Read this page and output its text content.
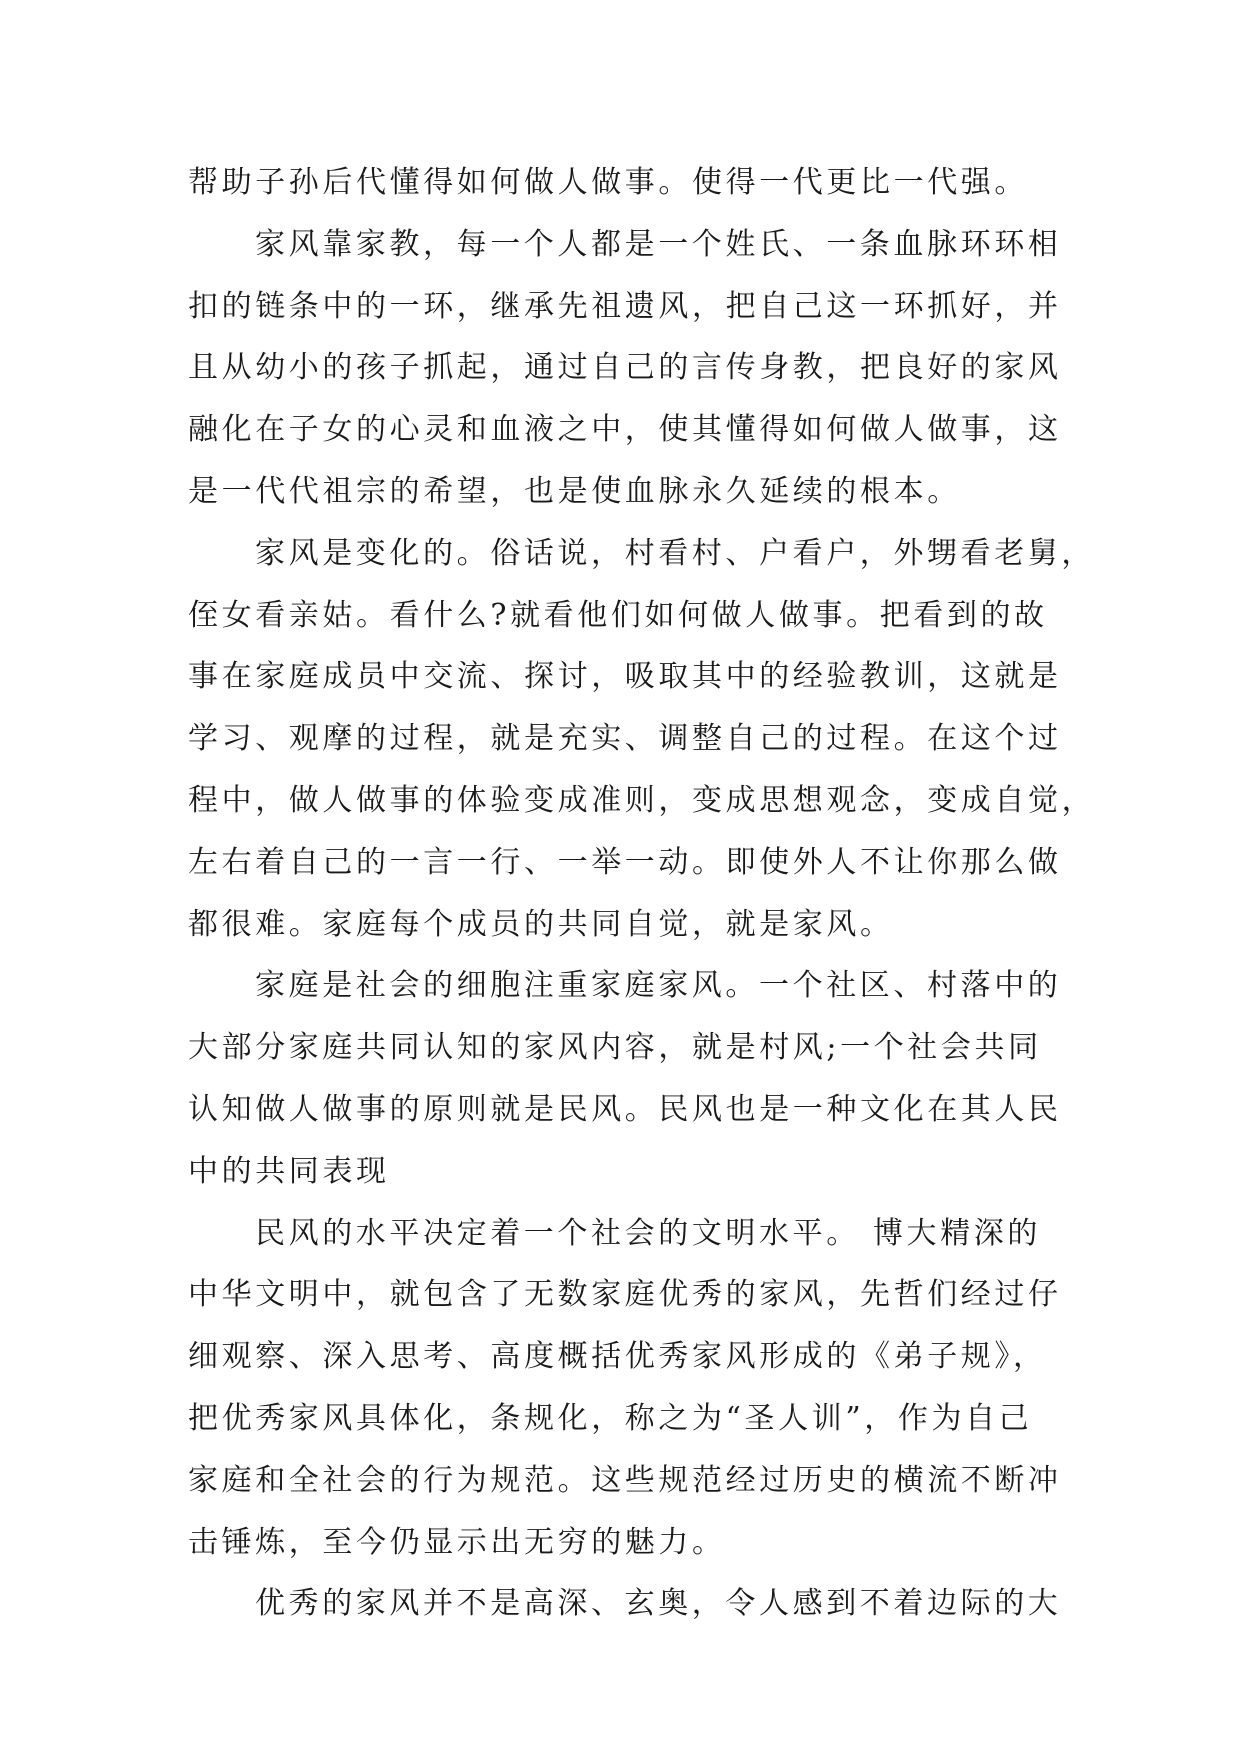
帮助子孙后代懂得如何做人做事。使得一代更比一代强。
家风靠家教，每一个人都是一个姓氏、一条血脉环环相
扣的链条中的一环，继承先祖遗风，把自己这一环抓好，并
且从幼小的孩子抓起，通过自己的言传身教，把良好的家风
融化在子女的心灵和血液之中，使其懂得如何做人做事，这
是一代代祖宗的希望，也是使血脉永久延续的根本。
家风是变化的。俗话说，村看村、户看户，外甥看老舅，
侄女看亲姑。看什么?就看他们如何做人做事。把看到的故
事在家庭成员中交流、探讨，吸取其中的经验教训，这就是
学习、观摩的过程，就是充实、调整自己的过程。在这个过
程中，做人做事的体验变成准则，变成思想观念，变成自觉，
左右着自己的一言一行、一举一动。即使外人不让你那么做
都很难。家庭每个成员的共同自觉，就是家风。
家庭是社会的细胞注重家庭家风。一个社区、村落中的
大部分家庭共同认知的家风内容，就是村风;一个社会共同
认知做人做事的原则就是民风。民风也是一种文化在其人民
中的共同表现
民风的水平决定着一个社会的文明水平。 博大精深的
中华文明中，就包含了无数家庭优秀的家风，先哲们经过仔
细观察、深入思考、高度概括优秀家风形成的《弟子规》，
把优秀家风具体化，条规化，称之为“圣人训”，作为自己
家庭和全社会的行为规范。这些规范经过历史的横流不断冲
击锤炼，至今仍显示出无穷的魅力。
优秀的家风并不是高深、玄奥，令人感到不着边际的大
